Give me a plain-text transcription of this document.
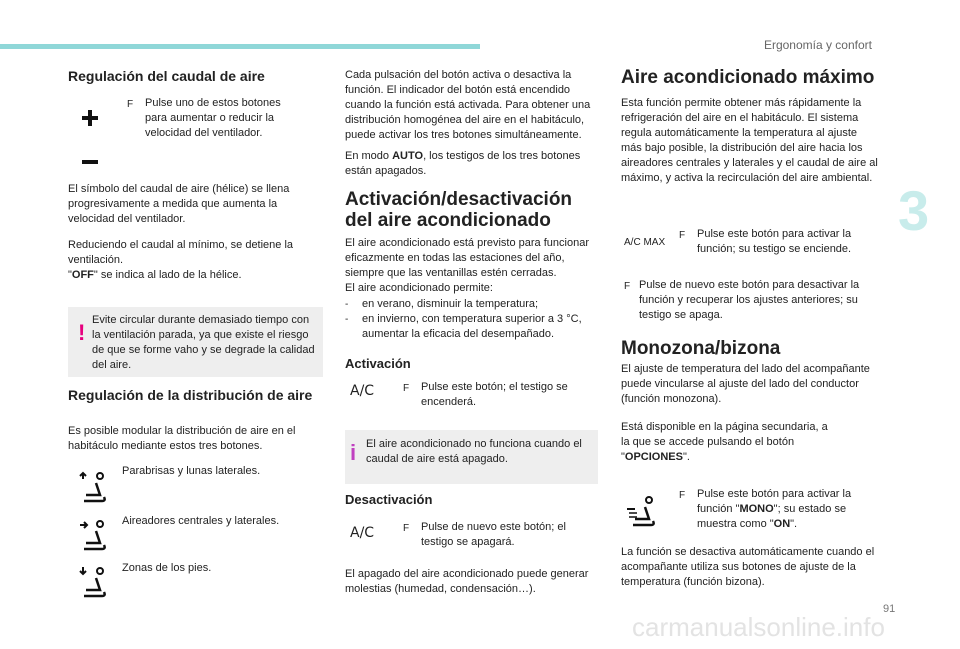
Ergonomía y confort
3
91
carmanualsonline.info
Regulación del caudal de aire
F Pulse uno de estos botones para aumentar o reducir la velocidad del ventilador.
El símbolo del caudal de aire (hélice) se llena progresivamente a medida que aumenta la velocidad del ventilador.
Reduciendo el caudal al mínimo, se detiene la ventilación.
"OFF" se indica al lado de la hélice.
! Evite circular durante demasiado tiempo con la ventilación parada, ya que existe el riesgo de que se forme vaho y se degrade la calidad del aire.
Regulación de la distribución de aire
Es posible modular la distribución de aire en el habitáculo mediante estos tres botones.
Parabrisas y lunas laterales.
Aireadores centrales y laterales.
Zonas de los pies.
Cada pulsación del botón activa o desactiva la función. El indicador del botón está encendido cuando la función está activada. Para obtener una distribución homogénea del aire en el habitáculo, puede activar los tres botones simultáneamente.
En modo AUTO, los testigos de los tres botones están apagados.
Activación/desactivación del aire acondicionado
El aire acondicionado está previsto para funcionar eficazmente en todas las estaciones del año, siempre que las ventanillas estén cerradas.
El aire acondicionado permite:
- en verano, disminuir la temperatura;
- en invierno, con temperatura superior a 3 °C, aumentar la eficacia del desempañado.
Activación
A/C	F Pulse este botón; el testigo se encenderá.
i El aire acondicionado no funciona cuando el caudal de aire está apagado.
Desactivación
A/C	F Pulse de nuevo este botón; el testigo se apagará.
El apagado del aire acondicionado puede generar molestias (humedad, condensación…).
Aire acondicionado máximo
Esta función permite obtener más rápidamente la refrigeración del aire en el habitáculo. El sistema regula automáticamente la temperatura al ajuste más bajo posible, la distribución del aire hacia los aireadores centrales y laterales y el caudal de aire al máximo, y activa la recirculación del aire ambiental.
A/C MAX
F Pulse este botón para activar la función; su testigo se enciende.
F Pulse de nuevo este botón para desactivar la función y recuperar los ajustes anteriores; su testigo se apaga.
Monozona/bizona
El ajuste de temperatura del lado del acompañante puede vincularse al ajuste del lado del conductor (función monozona).
Está disponible en la página secundaria, a la que se accede pulsando el botón "OPCIONES".
F Pulse este botón para activar la función "MONO"; su estado se muestra como "ON".
La función se desactiva automáticamente cuando el acompañante utiliza sus botones de ajuste de la temperatura (función bizona).
